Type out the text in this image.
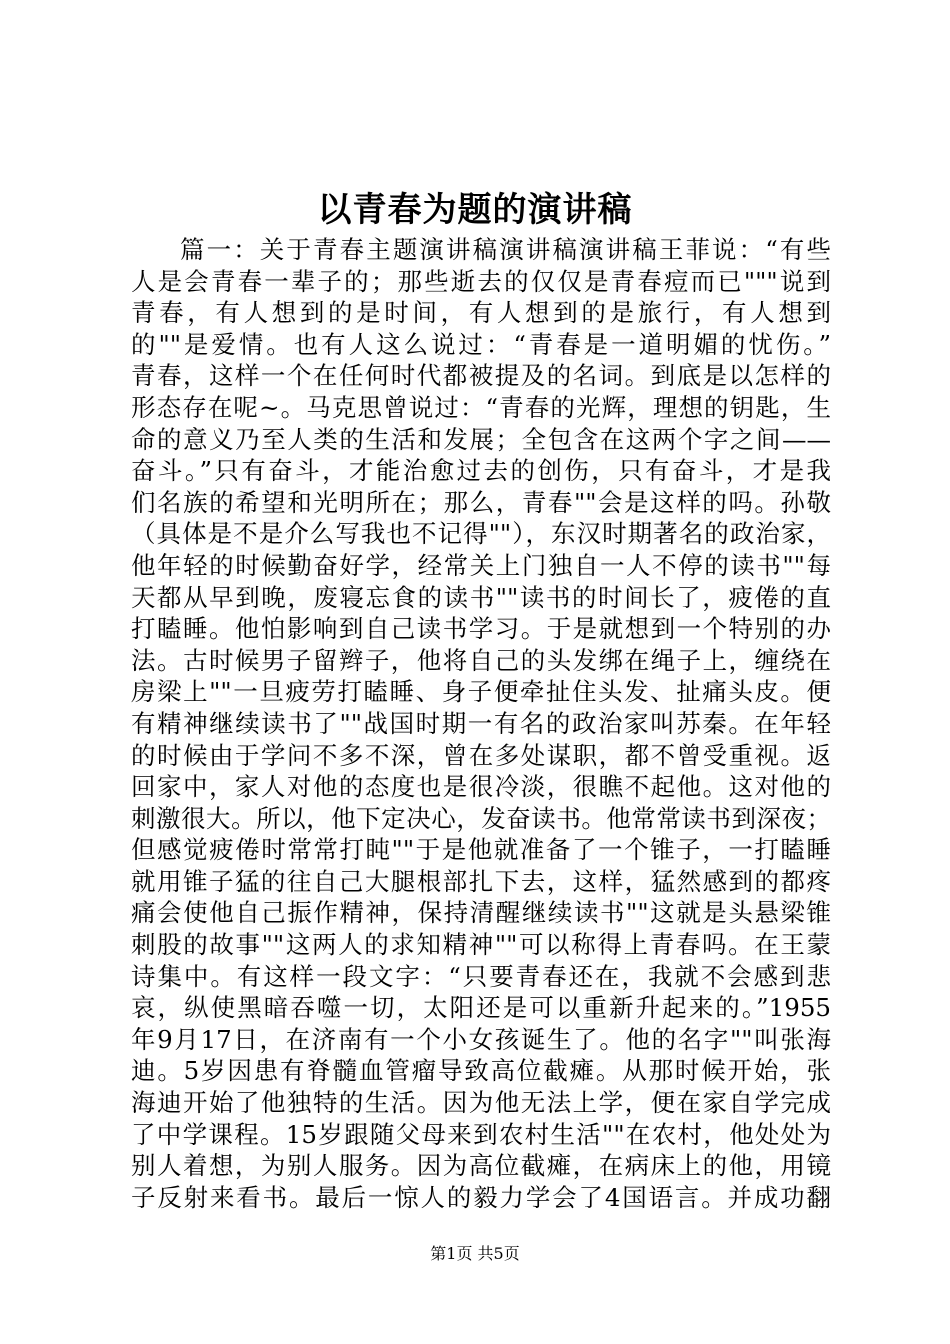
以青春为题的演讲稿
篇一：关于青春主题演讲稿演讲稿演讲稿王菲说：“有些
人是会青春一辈子的；那些逝去的仅仅是青春痘而已"""说到
青春，有人想到的是时间，有人想到的是旅行，有人想到
的""是爱情。也有人这么说过：“青春是一道明媚的忧伤。”
青春，这样一个在任何时代都被提及的名词。到底是以怎样的
形态存在呢~。马克思曾说过：“青春的光辉，理想的钥匙，生
命的意义乃至人类的生活和发展；全包含在这两个字之间——
奋斗。”只有奋斗，才能治愈过去的创伤，只有奋斗，才是我
们名族的希望和光明所在；那么，青春""会是这样的吗。孙敬
（具体是不是介么写我也不记得""），东汉时期著名的政治家，
他年轻的时候勤奋好学，经常关上门独自一人不停的读书""每
天都从早到晚，废寝忘食的读书""读书的时间长了，疲倦的直
打瞌睡。他怕影响到自己读书学习。于是就想到一个特别的办
法。古时候男子留辫子，他将自己的头发绑在绳子上，缠绕在
房梁上""一旦疲劳打瞌睡、身子便牵扯住头发、扯痛头皮。便
有精神继续读书了""战国时期一有名的政治家叫苏秦。在年轻
的时候由于学问不多不深，曾在多处谋职，都不曾受重视。返
回家中，家人对他的态度也是很冷淡，很瞧不起他。这对他的
刺激很大。所以，他下定决心，发奋读书。他常常读书到深夜；
但感觉疲倦时常常打盹""于是他就准备了一个锥子，一打瞌睡
就用锥子猛的往自己大腿根部扎下去，这样，猛然感到的都疼
痛会使他自己振作精神，保持清醒继续读书""这就是头悬梁锥
刺股的故事""这两人的求知精神""可以称得上青春吗。在王蒙
诗集中。有这样一段文字：“只要青春还在，我就不会感到悲
哀，纵使黑暗吞噬一切，太阳还是可以重新升起来的。”1955
年9月17日，在济南有一个小女孩诞生了。他的名字""叫张海
迪。5岁因患有脊髓血管瘤导致高位截瘫。从那时候开始，张
海迪开始了他独特的生活。因为他无法上学，便在家自学完成
了中学课程。15岁跟随父母来到农村生活""在农村，他处处为
别人着想，为别人服务。因为高位截瘫，在病床上的他，用镜
子反射来看书。最后一惊人的毅力学会了4国语言。并成功翻
第1页 共5页
